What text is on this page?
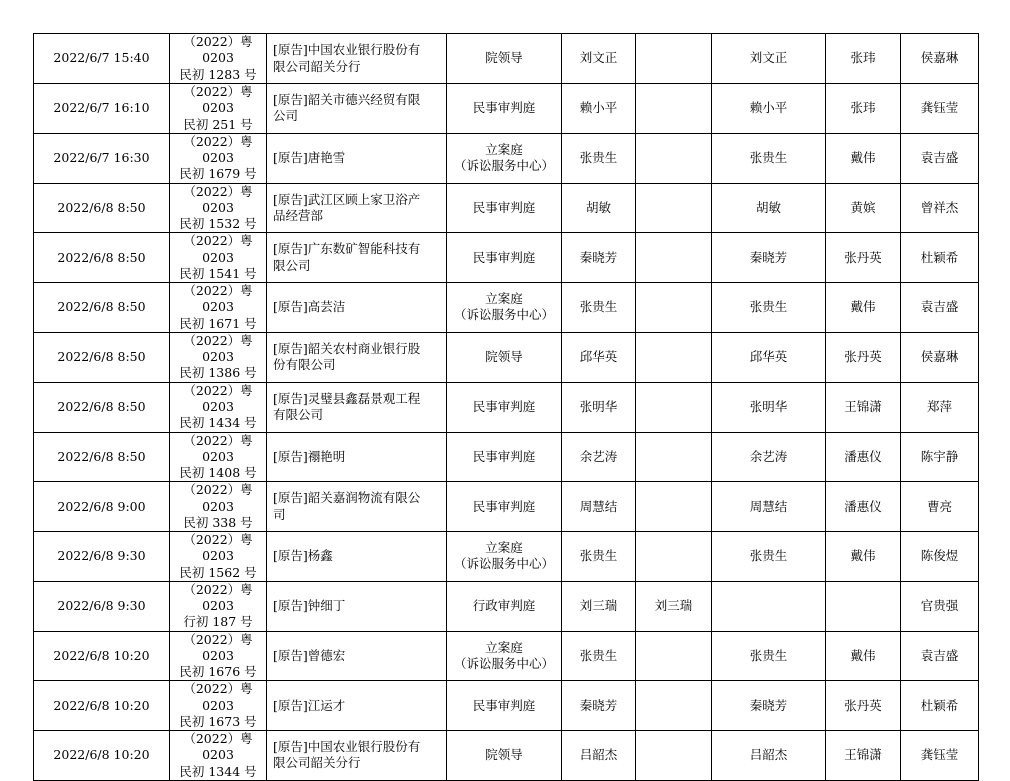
2022/6/7 15:40	（2022）粤 0203
民初 1283 号	[原告]中国农业银行股份有
限公司韶关分行	院领导	刘文正		刘文正	张玮	侯嘉琳

2022/6/7 16:10	（2022）粤 0203
民初 251 号	[原告]韶关市德兴经贸有限
公司	民事审判庭	赖小平		赖小平	张玮	龚钰莹

2022/6/7 16:30	（2022）粤 0203
民初 1679 号	[原告]唐艳雪	立案庭
（诉讼服务中心）	张贵生		张贵生	戴伟	袁吉盛

2022/6/8 8:50	（2022）粤 0203
民初 1532 号	[原告]武江区顾上家卫浴产
品经营部	民事审判庭	胡敏		胡敏	黄嫔	曾祥杰

2022/6/8 8:50	（2022）粤 0203
民初 1541 号	[原告]广东数矿智能科技有
限公司	民事审判庭	秦晓芳		秦晓芳	张丹英	杜颖希

2022/6/8 8:50	（2022）粤 0203
民初 1671 号	[原告]高芸洁	立案庭
（诉讼服务中心）	张贵生		张贵生	戴伟	袁吉盛

2022/6/8 8:50	（2022）粤 0203
民初 1386 号	[原告]韶关农村商业银行股
份有限公司	院领导	邱华英		邱华英	张丹英	侯嘉琳

2022/6/8 8:50	（2022）粤 0203
民初 1434 号	[原告]灵璧县鑫磊景观工程
有限公司	民事审判庭	张明华		张明华	王锦潇	郑萍

2022/6/8 8:50	（2022）粤 0203
民初 1408 号	[原告]禤艳明	民事审判庭	余艺涛		余艺涛	潘惠仪	陈宇静

2022/6/8 9:00	（2022）粤 0203
民初 338 号	[原告]韶关嘉润物流有限公
司	民事审判庭	周慧结		周慧结	潘惠仪	曹亮

2022/6/8 9:30	（2022）粤 0203
民初 1562 号	[原告]杨鑫	立案庭
（诉讼服务中心）	张贵生		张贵生	戴伟	陈俊煜

2022/6/8 9:30	（2022）粤 0203
行初 187 号	[原告]钟细丁	行政审判庭	刘三瑞	刘三瑞			官贵强

2022/6/8 10:20	（2022）粤 0203
民初 1676 号	[原告]曾德宏	立案庭
（诉讼服务中心）	张贵生		张贵生	戴伟	袁吉盛

2022/6/8 10:20	（2022）粤 0203
民初 1673 号	[原告]江运才	民事审判庭	秦晓芳		秦晓芳	张丹英	杜颖希

2022/6/8 10:20	（2022）粤 0203
民初 1344 号	[原告]中国农业银行股份有
限公司韶关分行	院领导	吕韶杰		吕韶杰	王锦潇	龚钰莹
